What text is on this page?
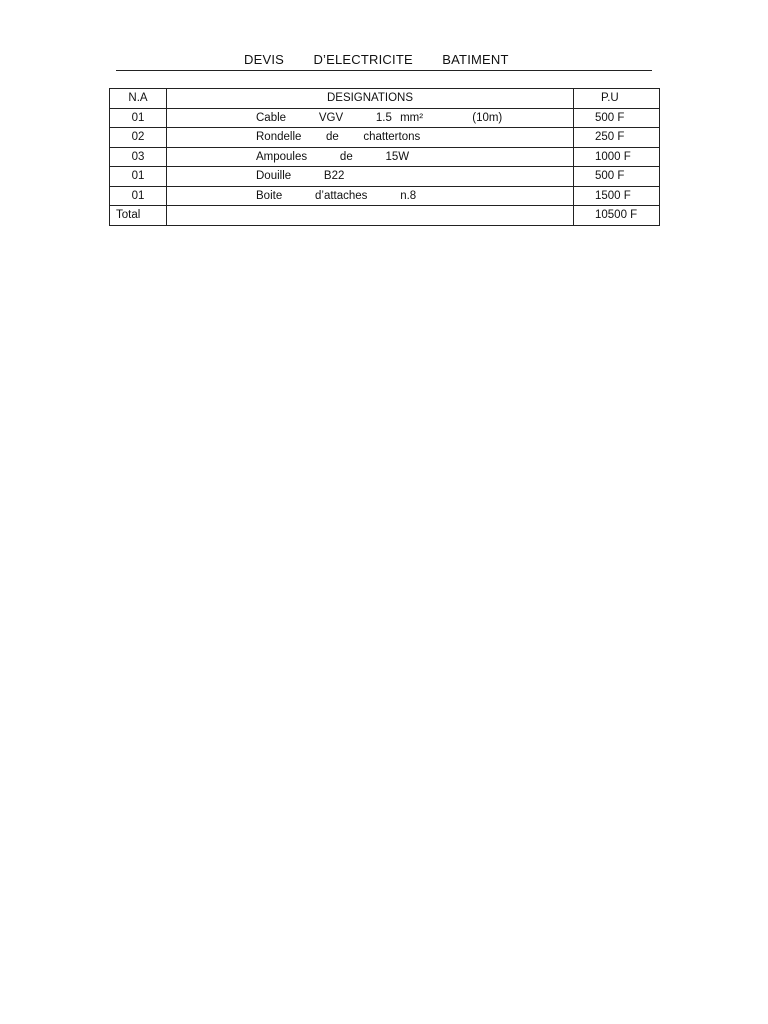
DEVIS   D’ELECTRICITE   BATIMENT
N.A	DESIGNATIONS	P.U
01	Cable    VGV    1.5 mm²      (10m)	500 F
02	Rondelle   de   chattertons	250 F
03	Ampoules    de    15W	1000 F
01	Douille    B22	500 F
01	Boite    d’attaches    n.8	1500 F
Total		10500 F
